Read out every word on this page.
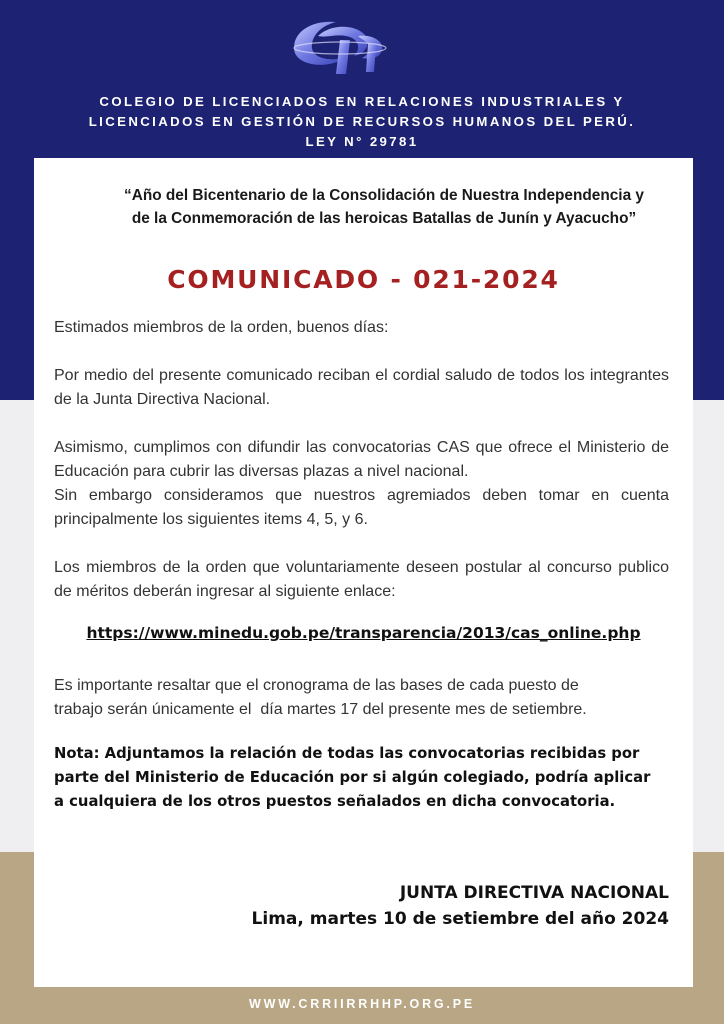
COLEGIO DE LICENCIADOS EN RELACIONES INDUSTRIALES Y
LICENCIADOS EN GESTIÓN DE RECURSOS HUMANOS DEL PERÚ.
LEY N° 29781
“Año del Bicentenario de la Consolidación de Nuestra Independencia y
de la Conmemoración de las heroicas Batallas de Junín y Ayacucho”
COMUNICADO - 021-2024
Estimados miembros de la orden, buenos días:
Por medio del presente comunicado reciban el cordial saludo de todos los integrantes de la Junta Directiva Nacional.
Asimismo, cumplimos con difundir las convocatorias CAS que ofrece el Ministerio de Educación para cubrir las diversas plazas a nivel nacional.
Sin embargo consideramos que nuestros agremiados deben tomar en cuenta principalmente los siguientes items 4, 5, y 6.
Los miembros de la orden que voluntariamente deseen postular al concurso publico de méritos deberán ingresar al siguiente enlace:
https://www.minedu.gob.pe/transparencia/2013/cas_online.php
Es importante resaltar que el cronograma de las bases de cada puesto de
trabajo serán únicamente el  día martes 17 del presente mes de setiembre.
Nota: Adjuntamos la relación de todas las convocatorias recibidas por
parte del Ministerio de Educación por si algún colegiado, podría aplicar
a cualquiera de los otros puestos señalados en dicha convocatoria.
JUNTA DIRECTIVA NACIONAL
Lima, martes 10 de setiembre del año 2024
WWW.CRRIIRRHHP.ORG.PE
